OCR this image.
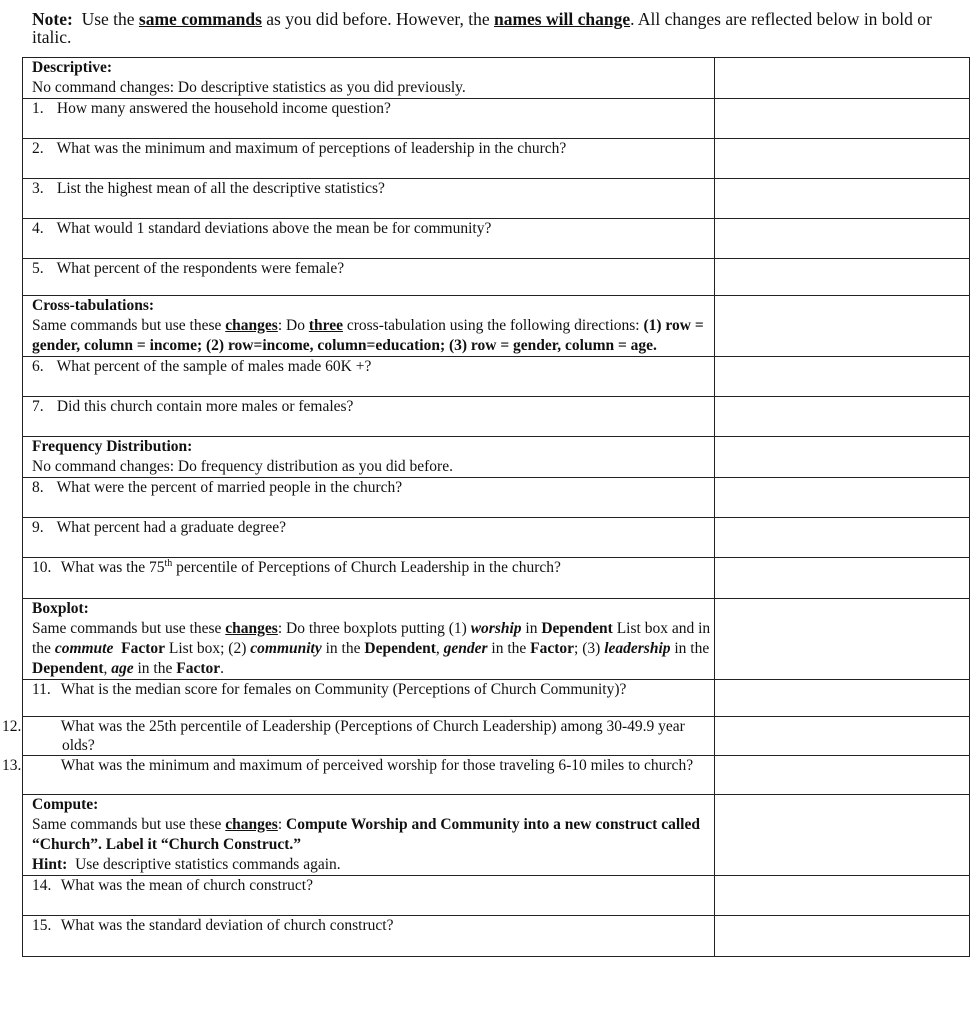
Note: Use the same commands as you did before. However, the names will change. All changes are reflected below in bold or italic.
Descriptive:
No command changes: Do descriptive statistics as you did previously.	
1. How many answered the household income question?	
2. What was the minimum and maximum of perceptions of leadership in the church?	
3. List the highest mean of all the descriptive statistics?	
4. What would 1 standard deviations above the mean be for community?	
5. What percent of the respondents were female?	
Cross-tabulations:
Same commands but use these changes: Do three cross-tabulation using the following directions: (1) row = gender, column = income; (2) row=income, column=education; (3) row = gender, column = age.	
6. What percent of the sample of males made 60K +?	
7. Did this church contain more males or females?	
Frequency Distribution:
No command changes: Do frequency distribution as you did before.	
8. What were the percent of married people in the church?	
9. What percent had a graduate degree?	
10. What was the 75th percentile of Perceptions of Church Leadership in the church?	
Boxplot:
Same commands but use these changes: Do three boxplots putting (1) worship in Dependent List box and in the commute Factor List box; (2) community in the Dependent, gender in the Factor; (3) leadership in the Dependent, age in the Factor.	
11. What is the median score for females on Community (Perceptions of Church Community)?	

12. What was the 25th percentile of Leadership (Perceptions of Church Leadership) among 30-49.9 year olds?	

13. What was the minimum and maximum of perceived worship for those traveling 6-10 miles to church?	

Compute:
Same commands but use these changes: Compute Worship and Community into a new construct called “Church”. Label it “Church Construct.”
Hint: Use descriptive statistics commands again.	
14. What was the mean of church construct?	
15. What was the standard deviation of church construct?	
